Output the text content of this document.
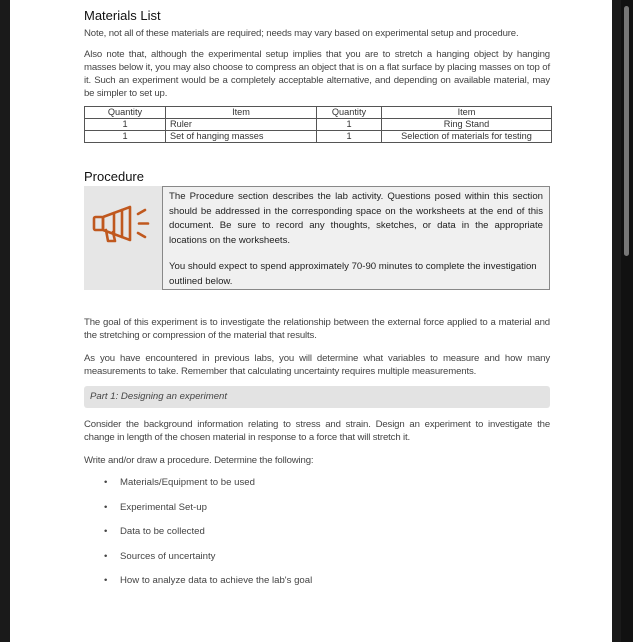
Materials List

Note, not all of these materials are required; needs may vary based on experimental setup and procedure.

Also note that, although the experimental setup implies that you are to stretch a hanging object by hanging masses below it, you may also choose to compress an object that is on a flat surface by placing masses on top of it. Such an experiment would be a completely acceptable alternative, and depending on available material, may be simpler to set up.

Quantity	Item	Quantity	Item
1	Ruler	1	Ring Stand
1	Set of hanging masses	1	Selection of materials for testing
Procedure
The Procedure section describes the lab activity. Questions posed within this section should be addressed in the corresponding space on the worksheets at the end of this document. Be sure to record any thoughts, sketches, or data in the appropriate locations on the worksheets.
You should expect to spend approximately 70-90 minutes to complete the investigation outlined below.

The goal of this experiment is to investigate the relationship between the external force applied to a material and the stretching or compression of the material that results.

As you have encountered in previous labs, you will determine what variables to measure and how many measurements to take. Remember that calculating uncertainty requires multiple measurements.

Part 1: Designing an experiment

Consider the background information relating to stress and strain. Design an experiment to investigate the change in length of the chosen material in response to a force that will stretch it.

Write and/or draw a procedure. Determine the following:

• Materials/Equipment to be used
• Experimental Set-up
• Data to be collected
• Sources of uncertainty
• How to analyze data to achieve the lab's goal
